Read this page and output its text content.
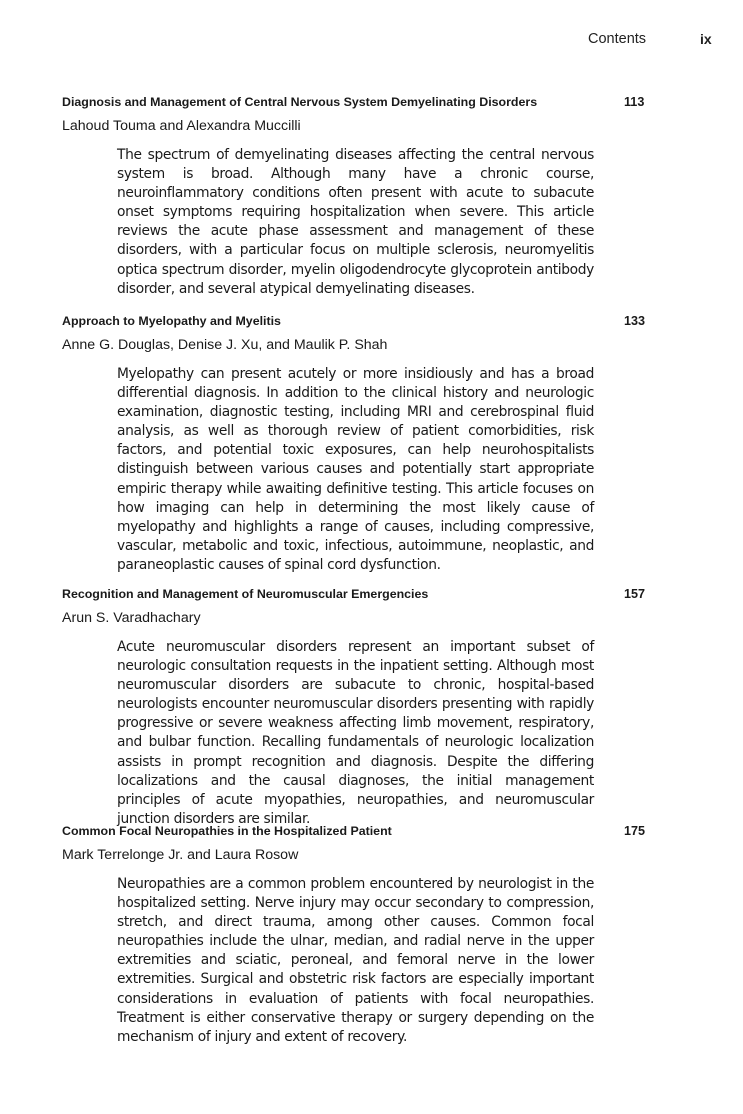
Contents	ix
Diagnosis and Management of Central Nervous System Demyelinating Disorders	113
Lahoud Touma and Alexandra Muccilli

The spectrum of demyelinating diseases affecting the central nervous system is broad. Although many have a chronic course, neuroinflammatory conditions often present with acute to subacute onset symptoms requiring hospitalization when severe. This article reviews the acute phase assessment and management of these disorders, with a particular focus on multiple sclerosis, neuromyelitis optica spectrum disorder, myelin oligodendrocyte glycoprotein antibody disorder, and several atypical demyelinating diseases.

Approach to Myelopathy and Myelitis	133
Anne G. Douglas, Denise J. Xu, and Maulik P. Shah

Myelopathy can present acutely or more insidiously and has a broad differential diagnosis. In addition to the clinical history and neurologic examination, diagnostic testing, including MRI and cerebrospinal fluid analysis, as well as thorough review of patient comorbidities, risk factors, and potential toxic exposures, can help neurohospitalists distinguish between various causes and potentially start appropriate empiric therapy while awaiting definitive testing. This article focuses on how imaging can help in determining the most likely cause of myelopathy and highlights a range of causes, including compressive, vascular, metabolic and toxic, infectious, autoimmune, neoplastic, and paraneoplastic causes of spinal cord dysfunction.

Recognition and Management of Neuromuscular Emergencies	157
Arun S. Varadhachary

Acute neuromuscular disorders represent an important subset of neurologic consultation requests in the inpatient setting. Although most neuromuscular disorders are subacute to chronic, hospital-based neurologists encounter neuromuscular disorders presenting with rapidly progressive or severe weakness affecting limb movement, respiratory, and bulbar function. Recalling fundamentals of neurologic localization assists in prompt recognition and diagnosis. Despite the differing localizations and the causal diagnoses, the initial management principles of acute myopathies, neuropathies, and neuromuscular junction disorders are similar.

Common Focal Neuropathies in the Hospitalized Patient	175
Mark Terrelonge Jr. and Laura Rosow

Neuropathies are a common problem encountered by neurologist in the hospitalized setting. Nerve injury may occur secondary to compression, stretch, and direct trauma, among other causes. Common focal neuropathies include the ulnar, median, and radial nerve in the upper extremities and sciatic, peroneal, and femoral nerve in the lower extremities. Surgical and obstetric risk factors are especially important considerations in evaluation of patients with focal neuropathies. Treatment is either conservative therapy or surgery depending on the mechanism of injury and extent of recovery.
